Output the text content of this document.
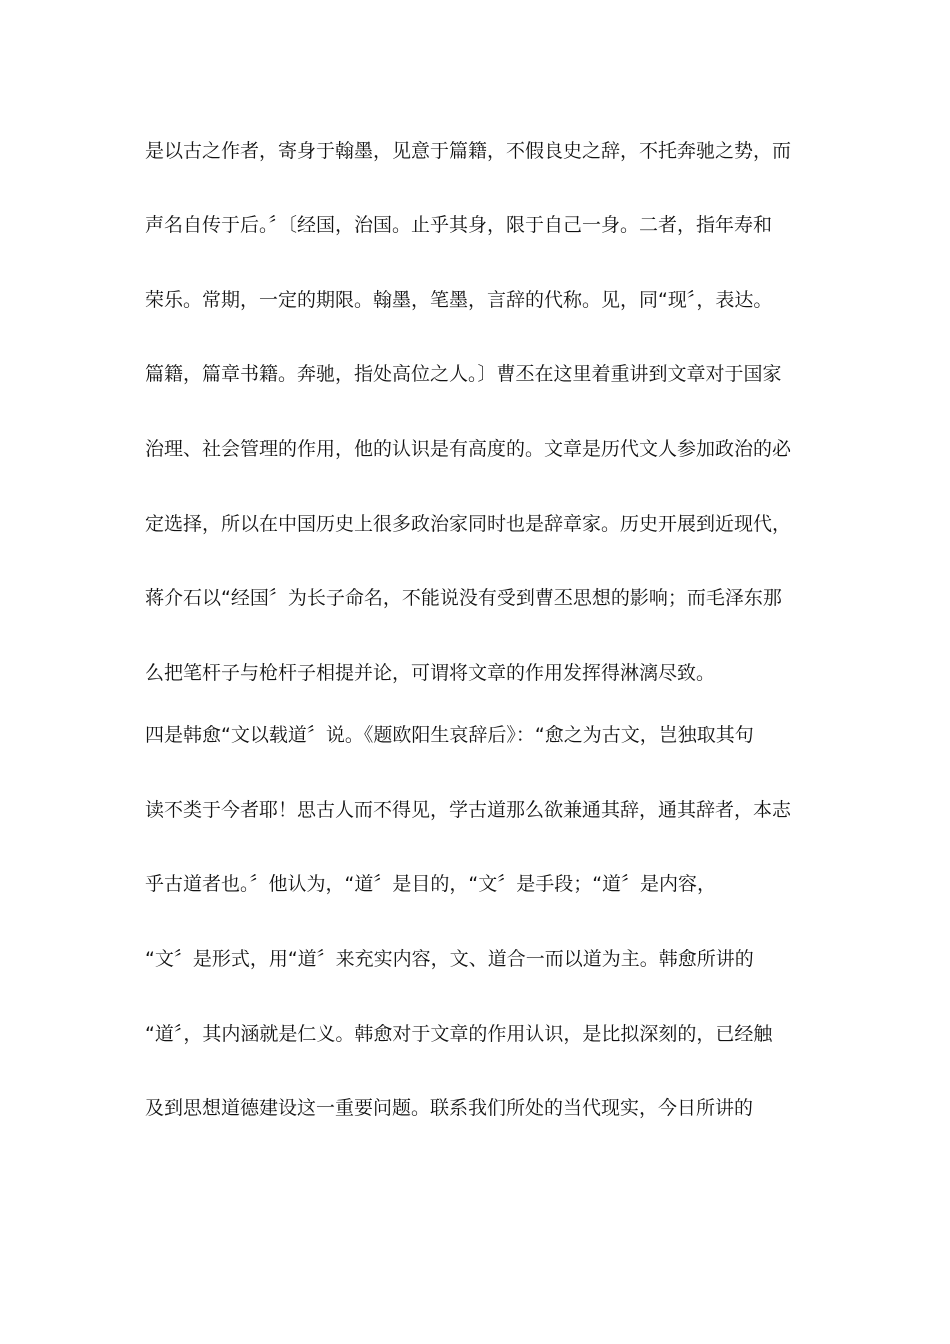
是以古之作者，寄身于翰墨，见意于篇籍，不假良史之辞，不托奔驰之势，而
声名自传于后。〞〔经国，治国。止乎其身，限于自己一身。二者，指年寿和
荣乐。常期，一定的期限。翰墨，笔墨，言辞的代称。见，同“现〞，表达。
篇籍，篇章书籍。奔驰，指处高位之人。〕曹丕在这里着重讲到文章对于国家
治理、社会管理的作用，他的认识是有高度的。文章是历代文人参加政治的必
定选择，所以在中国历史上很多政治家同时也是辞章家。历史开展到近现代，
蒋介石以“经国〞为长子命名，不能说没有受到曹丕思想的影响；而毛泽东那
么把笔杆子与枪杆子相提并论，可谓将文章的作用发挥得淋漓尽致。
四是韩愈“文以载道〞说。《题欧阳生哀辞后》：“愈之为古文，岂独取其句
读不类于今者耶！思古人而不得见，学古道那么欲兼通其辞，通其辞者，本志
乎古道者也。〞他认为，“道〞是目的，“文〞是手段；“道〞是内容，
“文〞是形式，用“道〞来充实内容，文、道合一而以道为主。韩愈所讲的
“道〞，其内涵就是仁义。韩愈对于文章的作用认识，是比拟深刻的，已经触
及到思想道德建设这一重要问题。联系我们所处的当代现实，今日所讲的
